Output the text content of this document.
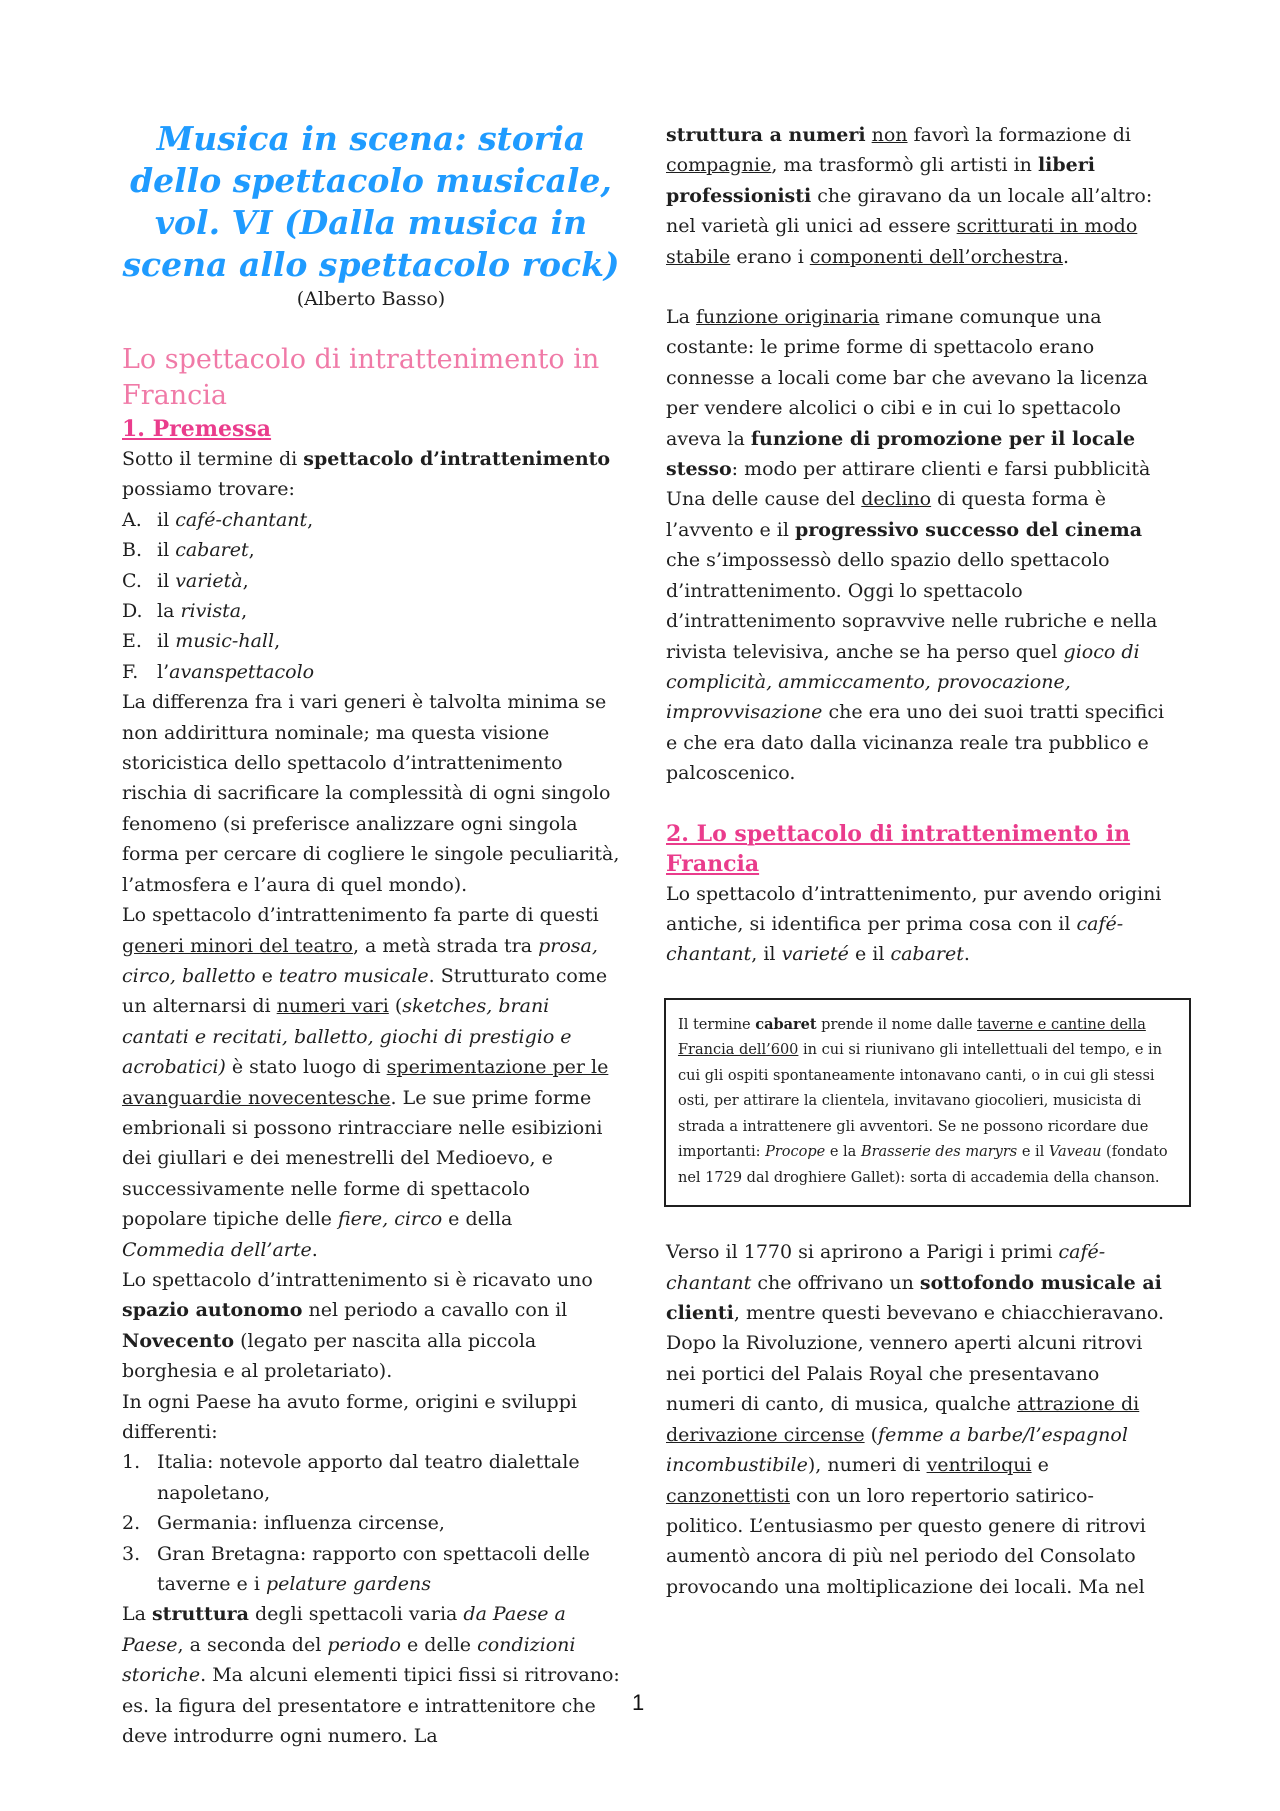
Musica in scena: storia dello spettacolo musicale, vol. VI (Dalla musica in scena allo spettacolo rock)
(Alberto Basso)
Lo spettacolo di intrattenimento in Francia
1. Premessa
Sotto il termine di spettacolo d’intrattenimento possiamo trovare:
A. il café-chantant,
B. il cabaret,
C. il varietà,
D. la rivista,
E. il music-hall,
F. l’avanspettacolo

La differenza fra i vari generi è talvolta minima se non addirittura nominale; ma questa visione storicistica dello spettacolo d’intrattenimento rischia di sacrificare la complessità di ogni singolo fenomeno (si preferisce analizzare ogni singola forma per cercare di cogliere le singole peculiarità, l’atmosfera e l’aura di quel mondo).

Lo spettacolo d’intrattenimento fa parte di questi generi minori del teatro, a metà strada tra prosa, circo, balletto e teatro musicale. Strutturato come un alternarsi di numeri vari (sketches, brani cantati e recitati, balletto, giochi di prestigio e acrobatici) è stato luogo di sperimentazione per le avanguardie novecentesche. Le sue prime forme embrionali si possono rintracciare nelle esibizioni dei giullari e dei menestrelli del Medioevo, e successivamente nelle forme di spettacolo popolare tipiche delle fiere, circo e della Commedia dell’arte.

Lo spettacolo d’intrattenimento si è ricavato uno spazio autonomo nel periodo a cavallo con il Novecento (legato per nascita alla piccola borghesia e al proletariato).

In ogni Paese ha avuto forme, origini e sviluppi differenti:

1. Italia: notevole apporto dal teatro dialettale napoletano,
2. Germania: influenza circense,
3. Gran Bretagna: rapporto con spettacoli delle taverne e i pelature gardens

La struttura degli spettacoli varia da Paese a Paese, a seconda del periodo e delle condizioni storiche. Ma alcuni elementi tipici fissi si ritrovano: es. la figura del presentatore e intrattenitore che deve introdurre ogni numero. La

struttura a numeri non favorì la formazione di compagnie, ma trasformò gli artisti in liberi professionisti che giravano da un locale all’altro: nel varietà gli unici ad essere scritturati in modo stabile erano i componenti dell’orchestra.

La funzione originaria rimane comunque una costante: le prime forme di spettacolo erano connesse a locali come bar che avevano la licenza per vendere alcolici o cibi e in cui lo spettacolo aveva la funzione di promozione per il locale stesso: modo per attirare clienti e farsi pubblicità Una delle cause del declino di questa forma è l’avvento e il progressivo successo del cinema che s’impossessò dello spazio dello spettacolo d’intrattenimento. Oggi lo spettacolo d’intrattenimento sopravvive nelle rubriche e nella rivista televisiva, anche se ha perso quel gioco di complicità, ammiccamento, provocazione, improvvisazione che era uno dei suoi tratti specifici e che era dato dalla vicinanza reale tra pubblico e palcoscenico.

2. Lo spettacolo di intrattenimento in Francia

Lo spettacolo d’intrattenimento, pur avendo origini antiche, si identifica per prima cosa con il café-chantant, il varieté e il cabaret.

Il termine cabaret prende il nome dalle taverne e cantine della Francia dell’600 in cui si riunivano gli intellettuali del tempo, e in cui gli ospiti spontaneamente intonavano canti, o in cui gli stessi osti, per attirare la clientela, invitavano giocolieri, musicista di strada a intrattenere gli avventori. Se ne possono ricordare due importanti: Procope e la Brasserie des maryrs e il Vaveau (fondato nel 1729 dal droghiere Gallet): sorta di accademia della chanson.

Verso il 1770 si aprirono a Parigi i primi café-chantant che offrivano un sottofondo musicale ai clienti, mentre questi bevevano e chiacchieravano. Dopo la Rivoluzione, vennero aperti alcuni ritrovi nei portici del Palais Royal che presentavano numeri di canto, di musica, qualche attrazione di derivazione circense (femme a barbe/l’espagnol incombustibile), numeri di ventriloqui e canzonettisti con un loro repertorio satirico-politico. L’entusiasmo per questo genere di ritrovi aumentò ancora di più nel periodo del Consolato provocando una moltiplicazione dei locali. Ma nel

1
